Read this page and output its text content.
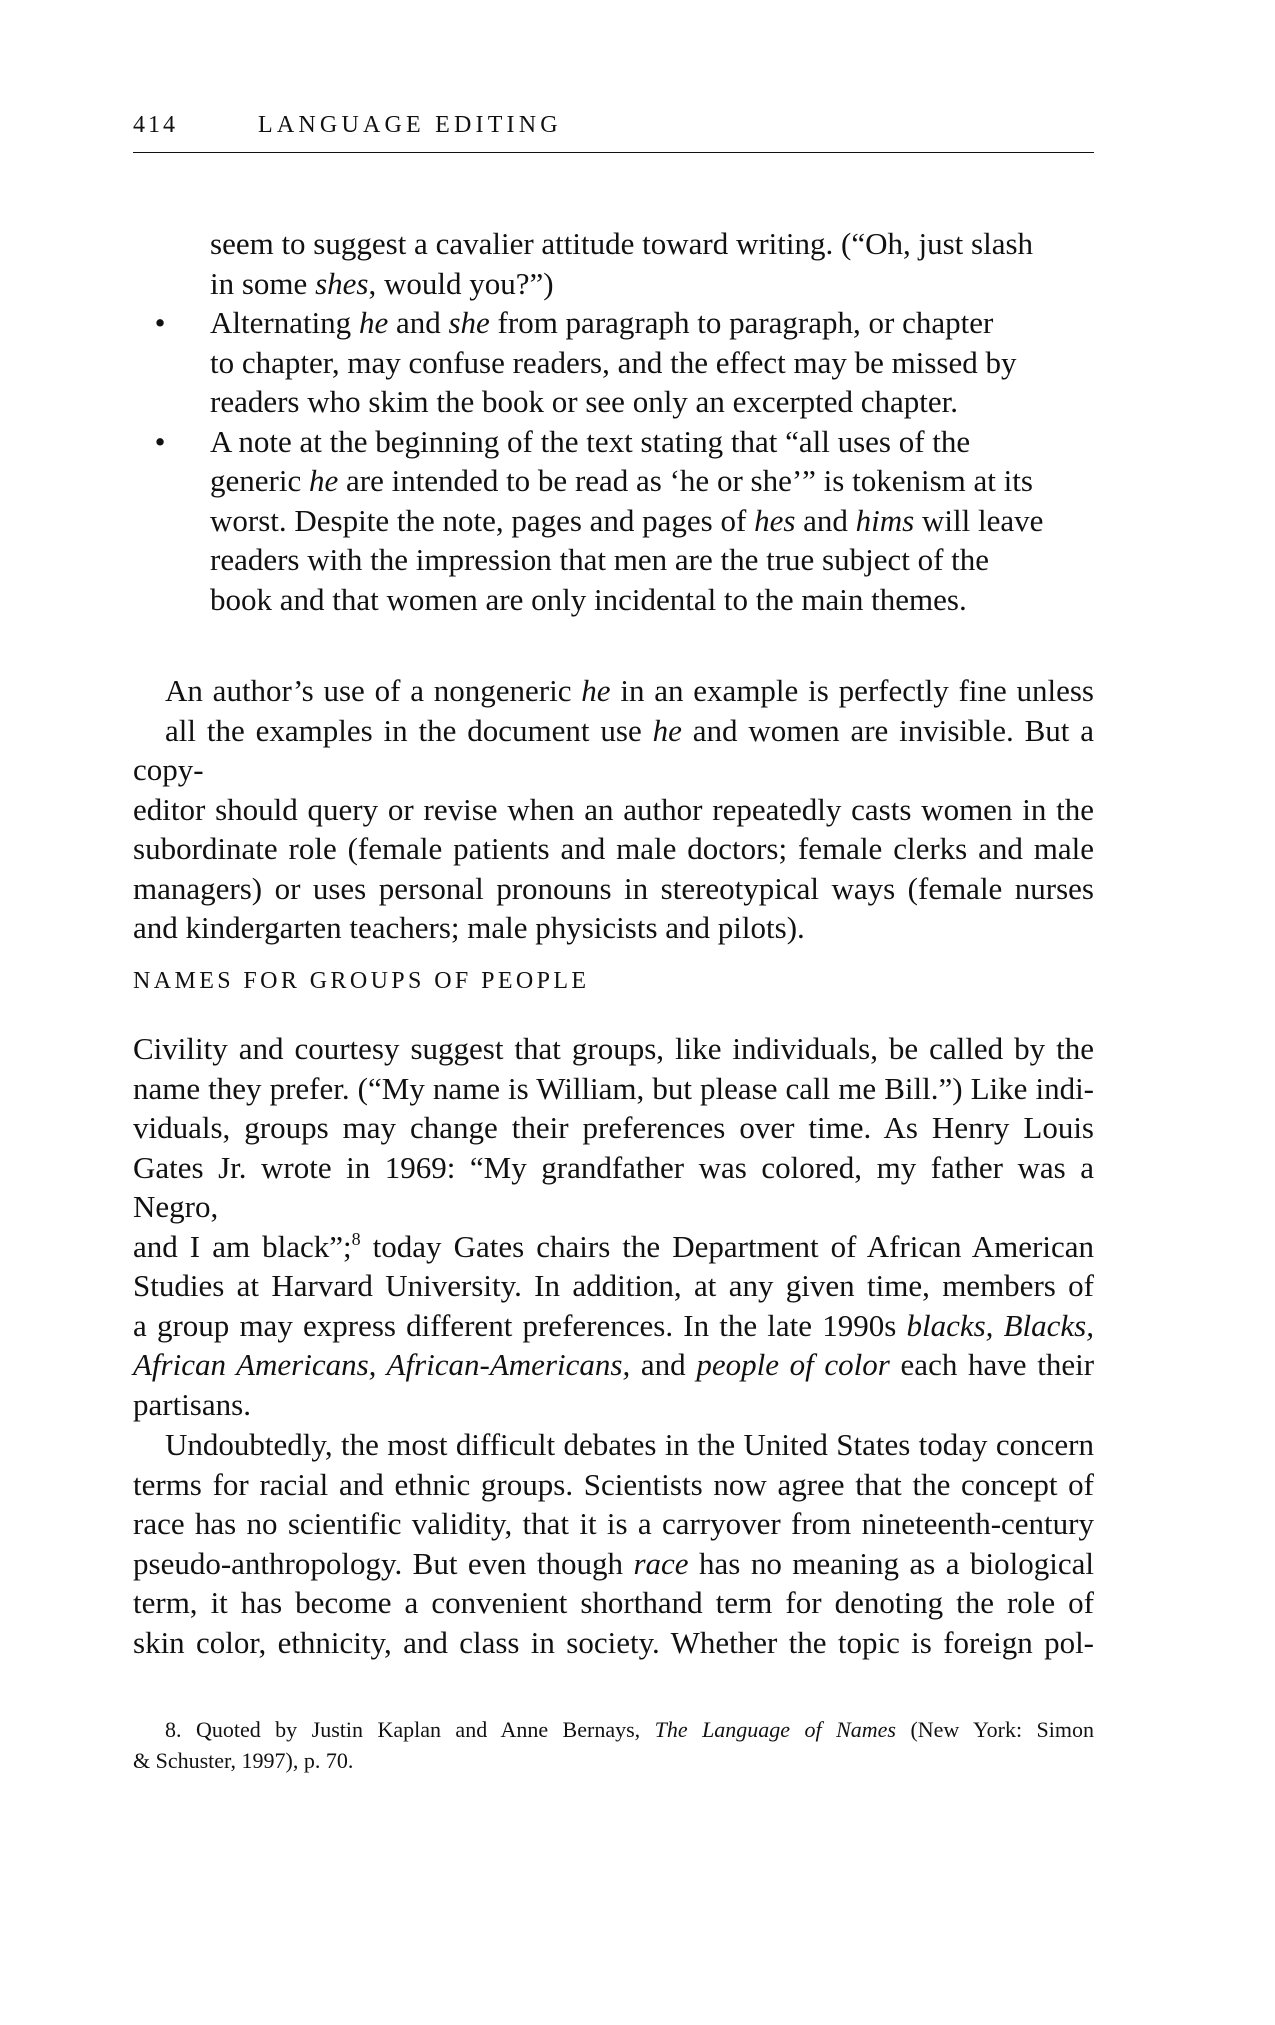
414	LANGUAGE EDITING
seem to suggest a cavalier attitude toward writing. (“Oh, just slash
in some shes, would you?”)
• Alternating he and she from paragraph to paragraph, or chapter
to chapter, may confuse readers, and the effect may be missed by
readers who skim the book or see only an excerpted chapter.
• A note at the beginning of the text stating that “all uses of the
generic he are intended to be read as ‘he or she’” is tokenism at its
worst. Despite the note, pages and pages of hes and hims will leave
readers with the impression that men are the true subject of the
book and that women are only incidental to the main themes.
An author’s use of a nongeneric he in an example is perfectly fine unless
all the examples in the document use he and women are invisible. But a copy-
editor should query or revise when an author repeatedly casts women in the
subordinate role (female patients and male doctors; female clerks and male
managers) or uses personal pronouns in stereotypical ways (female nurses
and kindergarten teachers; male physicists and pilots).
NAMES FOR GROUPS OF PEOPLE
Civility and courtesy suggest that groups, like individuals, be called by the
name they prefer. (“My name is William, but please call me Bill.”) Like indi-
viduals, groups may change their preferences over time. As Henry Louis
Gates Jr. wrote in 1969: “My grandfather was colored, my father was a Negro,
and I am black”;$^8$ today Gates chairs the Department of African American
Studies at Harvard University. In addition, at any given time, members of
a group may express different preferences. In the late 1990s blacks, Blacks,
African Americans, African-Americans, and people of color each have their
partisans.
Undoubtedly, the most difficult debates in the United States today concern
terms for racial and ethnic groups. Scientists now agree that the concept of
race has no scientific validity, that it is a carryover from nineteenth-century
pseudo-anthropology. But even though race has no meaning as a biological
term, it has become a convenient shorthand term for denoting the role of
skin color, ethnicity, and class in society. Whether the topic is foreign pol-
8. Quoted by Justin Kaplan and Anne Bernays, The Language of Names (New York: Simon
& Schuster, 1997), p. 70.
